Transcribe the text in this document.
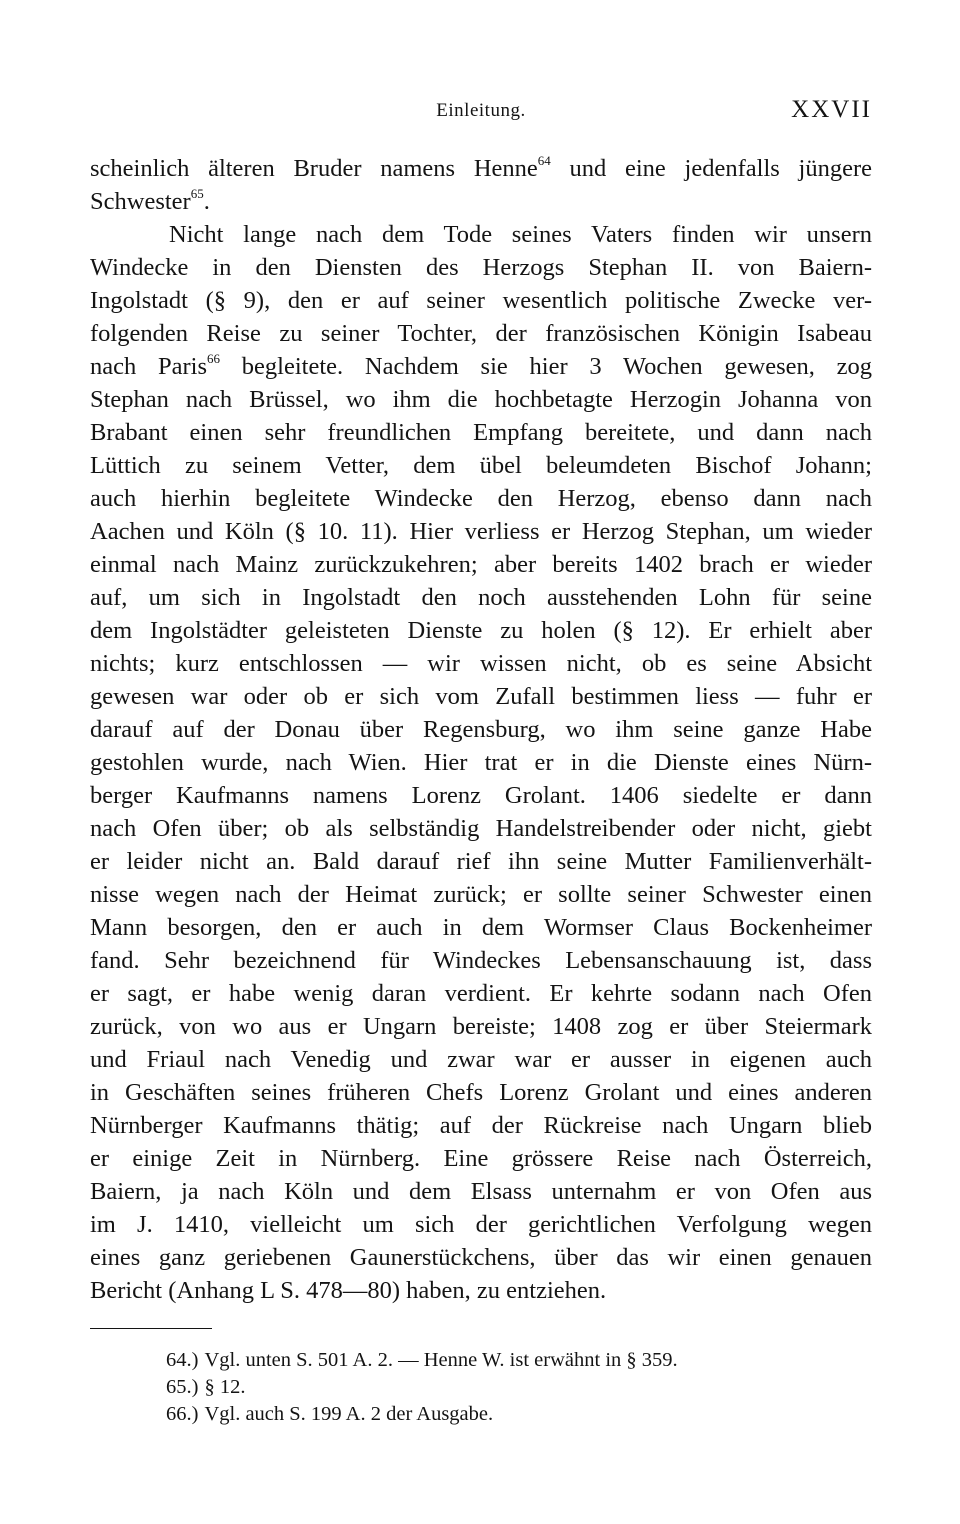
Einleitung.	XXVII
scheinlich älteren Bruder namens Henne$^{64}$ und eine jedenfalls jüngere
Schwester$^{65}$.
Nicht lange nach dem Tode seines Vaters finden wir unsern
Windecke in den Diensten des Herzogs Stephan II. von Baiern-
Ingolstadt (§ 9), den er auf seiner wesentlich politische Zwecke ver-
folgenden Reise zu seiner Tochter, der französischen Königin Isabeau
nach Paris$^{66}$ begleitete. Nachdem sie hier 3 Wochen gewesen, zog
Stephan nach Brüssel, wo ihm die hochbetagte Herzogin Johanna von
Brabant einen sehr freundlichen Empfang bereitete, und dann nach
Lüttich zu seinem Vetter, dem übel beleumdeten Bischof Johann;
auch hierhin begleitete Windecke den Herzog, ebenso dann nach
Aachen und Köln (§ 10. 11). Hier verliess er Herzog Stephan, um wieder
einmal nach Mainz zurückzukehren; aber bereits 1402 brach er wieder
auf, um sich in Ingolstadt den noch ausstehenden Lohn für seine
dem Ingolstädter geleisteten Dienste zu holen (§ 12). Er erhielt aber
nichts; kurz entschlossen — wir wissen nicht, ob es seine Absicht
gewesen war oder ob er sich vom Zufall bestimmen liess — fuhr er
darauf auf der Donau über Regensburg, wo ihm seine ganze Habe
gestohlen wurde, nach Wien. Hier trat er in die Dienste eines Nürn-
berger Kaufmanns namens Lorenz Grolant. 1406 siedelte er dann
nach Ofen über; ob als selbständig Handelstreibender oder nicht, giebt
er leider nicht an. Bald darauf rief ihn seine Mutter Familienverhält-
nisse wegen nach der Heimat zurück; er sollte seiner Schwester einen
Mann besorgen, den er auch in dem Wormser Claus Bockenheimer
fand. Sehr bezeichnend für Windeckes Lebensanschauung ist, dass
er sagt, er habe wenig daran verdient. Er kehrte sodann nach Ofen
zurück, von wo aus er Ungarn bereiste; 1408 zog er über Steiermark
und Friaul nach Venedig und zwar war er ausser in eigenen auch
in Geschäften seines früheren Chefs Lorenz Grolant und eines anderen
Nürnberger Kaufmanns thätig; auf der Rückreise nach Ungarn blieb
er einige Zeit in Nürnberg. Eine grössere Reise nach Österreich,
Baiern, ja nach Köln und dem Elsass unternahm er von Ofen aus
im J. 1410, vielleicht um sich der gerichtlichen Verfolgung wegen
eines ganz geriebenen Gaunerstückchens, über das wir einen genauen
Bericht (Anhang L S. 478—80) haben, zu entziehen.
64.) Vgl. unten S. 501 A. 2. — Henne W. ist erwähnt in § 359.
65.) § 12.
66.) Vgl. auch S. 199 A. 2 der Ausgabe.
